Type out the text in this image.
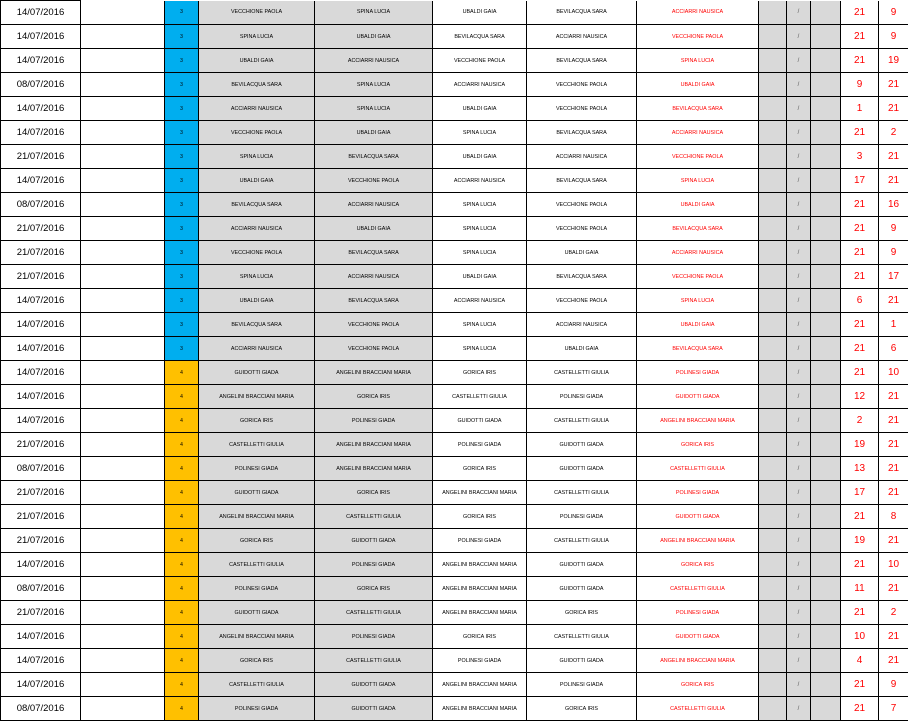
14/07/2016		3	VECCHIONE PAOLA	SPINA LUCIA	UBALDI GAIA	BEVILACQUA SARA	ACCIARRI NAUSICA		/		21	9
14/07/2016		3	SPINA LUCIA	UBALDI GAIA	BEVILACQUA SARA	ACCIARRI NAUSICA	VECCHIONE PAOLA		/		21	9
14/07/2016		3	UBALDI GAIA	ACCIARRI NAUSICA	VECCHIONE PAOLA	BEVILACQUA SARA	SPINA LUCIA		/		21	19
08/07/2016		3	BEVILACQUA SARA	SPINA LUCIA	ACCIARRI NAUSICA	VECCHIONE PAOLA	UBALDI GAIA		/		9	21
14/07/2016		3	ACCIARRI NAUSICA	SPINA LUCIA	UBALDI GAIA	VECCHIONE PAOLA	BEVILACQUA SARA		/		1	21
14/07/2016		3	VECCHIONE PAOLA	UBALDI GAIA	SPINA LUCIA	BEVILACQUA SARA	ACCIARRI NAUSICA		/		21	2
21/07/2016		3	SPINA LUCIA	BEVILACQUA SARA	UBALDI GAIA	ACCIARRI NAUSICA	VECCHIONE PAOLA		/		3	21
14/07/2016		3	UBALDI GAIA	VECCHIONE PAOLA	ACCIARRI NAUSICA	BEVILACQUA SARA	SPINA LUCIA		/		17	21
08/07/2016		3	BEVILACQUA SARA	ACCIARRI NAUSICA	SPINA LUCIA	VECCHIONE PAOLA	UBALDI GAIA		/		21	16
21/07/2016		3	ACCIARRI NAUSICA	UBALDI GAIA	SPINA LUCIA	VECCHIONE PAOLA	BEVILACQUA SARA		/		21	9
21/07/2016		3	VECCHIONE PAOLA	BEVILACQUA SARA	SPINA LUCIA	UBALDI GAIA	ACCIARRI NAUSICA		/		21	9
21/07/2016		3	SPINA LUCIA	ACCIARRI NAUSICA	UBALDI GAIA	BEVILACQUA SARA	VECCHIONE PAOLA		/		21	17
14/07/2016		3	UBALDI GAIA	BEVILACQUA SARA	ACCIARRI NAUSICA	VECCHIONE PAOLA	SPINA LUCIA		/		6	21
14/07/2016		3	BEVILACQUA SARA	VECCHIONE PAOLA	SPINA LUCIA	ACCIARRI NAUSICA	UBALDI GAIA		/		21	1
14/07/2016		3	ACCIARRI NAUSICA	VECCHIONE PAOLA	SPINA LUCIA	UBALDI GAIA	BEVILACQUA SARA		/		21	6
14/07/2016		4	GUIDOTTI GIADA	ANGELINI BRACCIANI MARIA	GORICA IRIS	CASTELLETTI GIULIA	POLINESI GIADA		/		21	10
14/07/2016		4	ANGELINI BRACCIANI MARIA	GORICA IRIS	CASTELLETTI GIULIA	POLINESI GIADA	GUIDOTTI GIADA		/		12	21
14/07/2016		4	GORICA IRIS	POLINESI GIADA	GUIDOTTI GIADA	CASTELLETTI GIULIA	ANGELINI BRACCIANI MARIA		/		2	21
21/07/2016		4	CASTELLETTI GIULIA	ANGELINI BRACCIANI MARIA	POLINESI GIADA	GUIDOTTI GIADA	GORICA IRIS		/		19	21
08/07/2016		4	POLINESI GIADA	ANGELINI BRACCIANI MARIA	GORICA IRIS	GUIDOTTI GIADA	CASTELLETTI GIULIA		/		13	21
21/07/2016		4	GUIDOTTI GIADA	GORICA IRIS	ANGELINI BRACCIANI MARIA	CASTELLETTI GIULIA	POLINESI GIADA		/		17	21
21/07/2016		4	ANGELINI BRACCIANI MARIA	CASTELLETTI GIULIA	GORICA IRIS	POLINESI GIADA	GUIDOTTI GIADA		/		21	8
21/07/2016		4	GORICA IRIS	GUIDOTTI GIADA	POLINESI GIADA	CASTELLETTI GIULIA	ANGELINI BRACCIANI MARIA		/		19	21
14/07/2016		4	CASTELLETTI GIULIA	POLINESI GIADA	ANGELINI BRACCIANI MARIA	GUIDOTTI GIADA	GORICA IRIS		/		21	10
08/07/2016		4	POLINESI GIADA	GORICA IRIS	ANGELINI BRACCIANI MARIA	GUIDOTTI GIADA	CASTELLETTI GIULIA		/		11	21
21/07/2016		4	GUIDOTTI GIADA	CASTELLETTI GIULIA	ANGELINI BRACCIANI MARIA	GORICA IRIS	POLINESI GIADA		/		21	2
14/07/2016		4	ANGELINI BRACCIANI MARIA	POLINESI GIADA	GORICA IRIS	CASTELLETTI GIULIA	GUIDOTTI GIADA		/		10	21
14/07/2016		4	GORICA IRIS	CASTELLETTI GIULIA	POLINESI GIADA	GUIDOTTI GIADA	ANGELINI BRACCIANI MARIA		/		4	21
14/07/2016		4	CASTELLETTI GIULIA	GUIDOTTI GIADA	ANGELINI BRACCIANI MARIA	POLINESI GIADA	GORICA IRIS		/		21	9
08/07/2016		4	POLINESI GIADA	GUIDOTTI GIADA	ANGELINI BRACCIANI MARIA	GORICA IRIS	CASTELLETTI GIULIA		/		21	7
